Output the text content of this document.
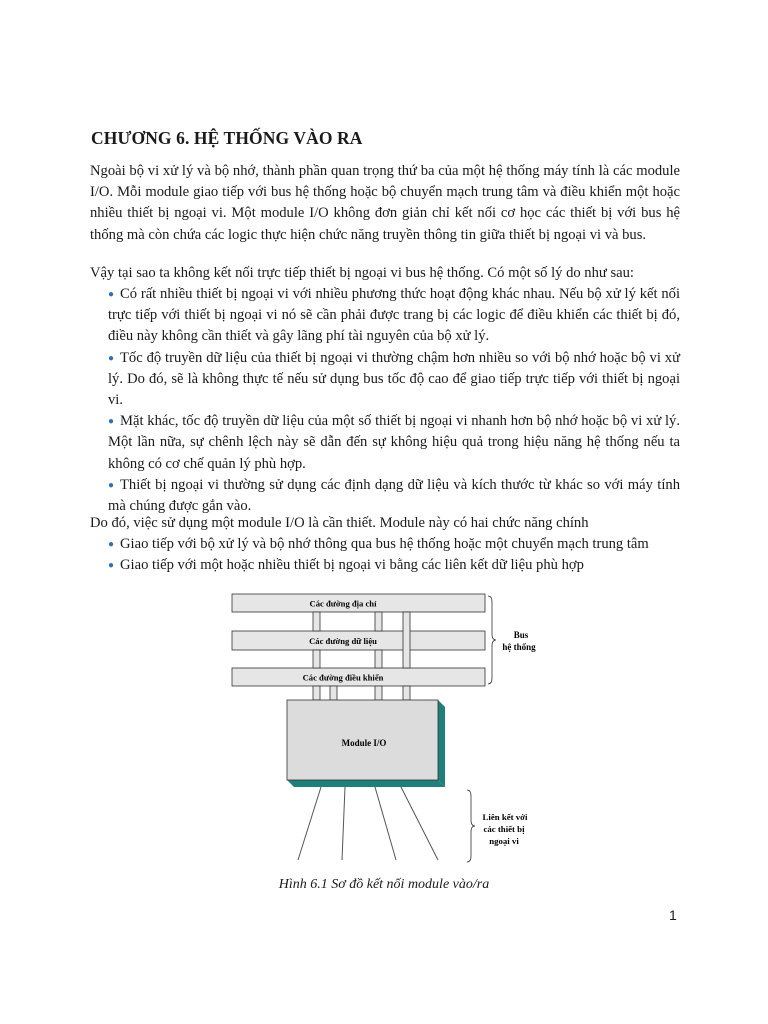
CHƯƠNG 6. HỆ THỐNG VÀO RA

Ngoài bộ vi xử lý và bộ nhớ, thành phần quan trọng thứ ba của một hệ thống máy tính là các module I/O. Mỗi module giao tiếp với bus hệ thống hoặc bộ chuyển mạch trung tâm và điều khiển một hoặc nhiều thiết bị ngoại vi. Một module I/O không đơn giản chỉ kết nối cơ học các thiết bị với bus hệ thống mà còn chứa các logic thực hiện chức năng truyền thông tin giữa thiết bị ngoại vi và bus.

Vậy tại sao ta không kết nối trực tiếp thiết bị ngoại vi bus hệ thống. Có một số lý do như sau:

● Có rất nhiều thiết bị ngoại vi với nhiều phương thức hoạt động khác nhau. Nếu bộ xử lý kết nối trực tiếp với thiết bị ngoại vi nó sẽ cần phải được trang bị các logic để điều khiển các thiết bị đó, điều này không cần thiết và gây lãng phí tài nguyên của bộ xử lý.
● Tốc độ truyền dữ liệu của thiết bị ngoại vi thường chậm hơn nhiều so với bộ nhớ hoặc bộ vi xử lý. Do đó, sẽ là không thực tế nếu sử dụng bus tốc độ cao để giao tiếp trực tiếp với thiết bị ngoại vi.
● Mặt khác, tốc độ truyền dữ liệu của một số thiết bị ngoại vi nhanh hơn bộ nhớ hoặc bộ vi xử lý. Một lần nữa, sự chênh lệch này sẽ dẫn đến sự không hiệu quả trong hiệu năng hệ thống nếu ta không có cơ chế quản lý phù hợp.
● Thiết bị ngoại vi thường sử dụng các định dạng dữ liệu và kích thước từ khác so với máy tính mà chúng được gắn vào.

Do đó, việc sử dụng một module I/O là cần thiết. Module này có hai chức năng chính

● Giao tiếp với bộ xử lý và bộ nhớ thông qua bus hệ thống hoặc một chuyển mạch trung tâm
● Giao tiếp với một hoặc nhiều thiết bị ngoại vi bằng các liên kết dữ liệu phù hợp
Các đường địa chỉ
Các đường dữ liệu
Các đường điều khiển
Bus
hệ thống
Module I/O
Liên kết với
các thiết bị
ngoại vi
Hình 6.1 Sơ đồ kết nối module vào/ra
1
